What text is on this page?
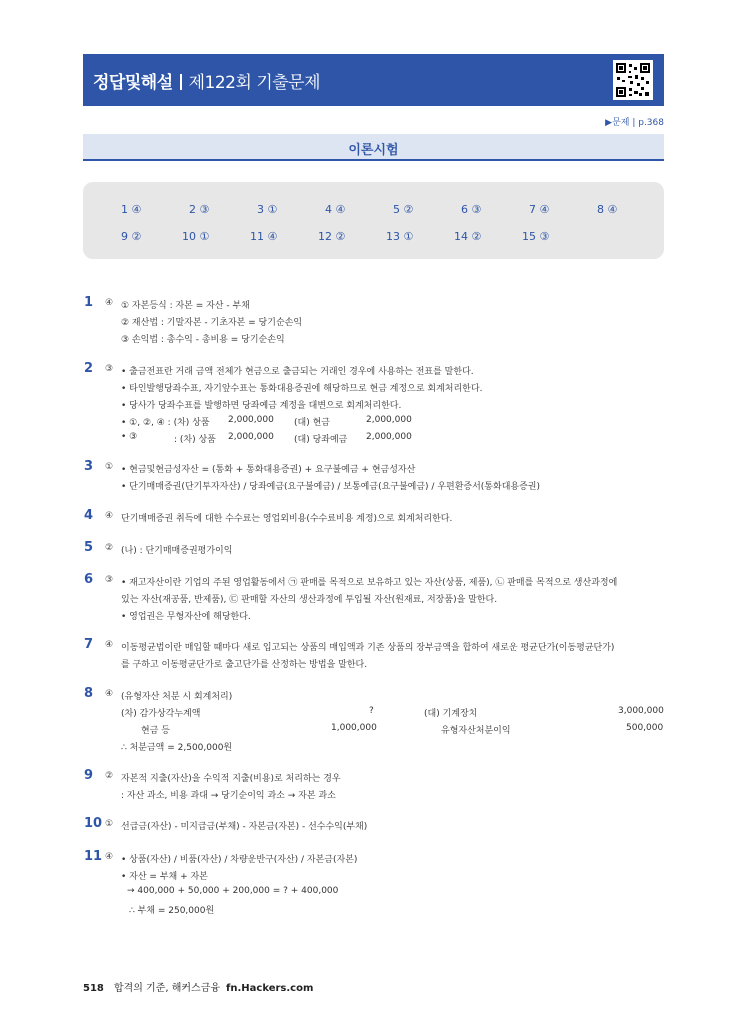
정답및해설 제122회 기출문제
▶문제 | p.368
이론시험
1 ④	2 ③	3 ①	4 ④	5 ②	6 ③	7 ④	8 ④
9 ②	10 ①	11 ④	12 ②	13 ①	14 ②	15 ③
1 ④ ① 자본등식 : 자본 = 자산 - 부채
② 재산법 : 기말자본 - 기초자본 = 당기순손익
③ 손익법 : 총수익 - 총비용 = 당기순손익
2 ③ • 출금전표란 거래 금액 전체가 현금으로 출금되는 거래인 경우에 사용하는 전표를 말한다.
• 타인발행당좌수표, 자기앞수표는 통화대용증권에 해당하므로 현금 계정으로 회계처리한다.
• 당사가 당좌수표를 발행하면 당좌예금 계정을 대변으로 회계처리한다.
• ①, ②, ④ : (차) 상품 2,000,000 (대) 현금	2,000,000
• ③	: (차) 상품 2,000,000 (대) 당좌예금 2,000,000
3 ① • 현금및현금성자산 = (통화 + 통화대용증권) + 요구불예금 + 현금성자산
• 단기매매증권(단기투자자산) / 당좌예금(요구불예금) / 보통예금(요구불예금) / 우편환증서(통화대용증권)
4 ④ 단기매매증권 취득에 대한 수수료는 영업외비용(수수료비용 계정)으로 회계처리한다.
5 ② (나) : 단기매매증권평가이익
6 ③ • 재고자산이란 기업의 주된 영업활동에서 ㉠ 판매를 목적으로 보유하고 있는 자산(상품, 제품), ㉡ 판매를 목적으로 생산과정에
있는 자산(재공품, 반제품), ㉢ 판매할 자산의 생산과정에 투입될 자산(원재료, 저장품)을 말한다.
• 영업권은 무형자산에 해당한다.
7 ④ 이동평균법이란 매입할 때마다 새로 입고되는 상품의 매입액과 기존 상품의 장부금액을 합하여 새로운 평균단가(이동평균단가)
를 구하고 이동평균단가로 출고단가를 산정하는 방법을 말한다.
8 ④ (유형자산 처분 시 회계처리)
(차) 감가상각누계액	?	(대) 기계장치	3,000,000
현금 등	1,000,000	유형자산처분이익	500,000
∴ 처분금액 = 2,500,000원
9 ② 자본적 지출(자산)을 수익적 지출(비용)로 처리하는 경우
: 자산 과소, 비용 과대 → 당기순이익 과소 → 자본 과소
10 ① 선급금(자산) - 미지급금(부채) - 자본금(자본) - 선수수익(부채)
11 ④ • 상품(자산) / 비품(자산) / 차량운반구(자산) / 자본금(자본)
• 자산 = 부채 + 자본
→ 400,000 + 50,000 + 200,000 = ? + 400,000
∴ 부채 = 250,000원
518 합격의 기준, 해커스금융 fn.Hackers.com
